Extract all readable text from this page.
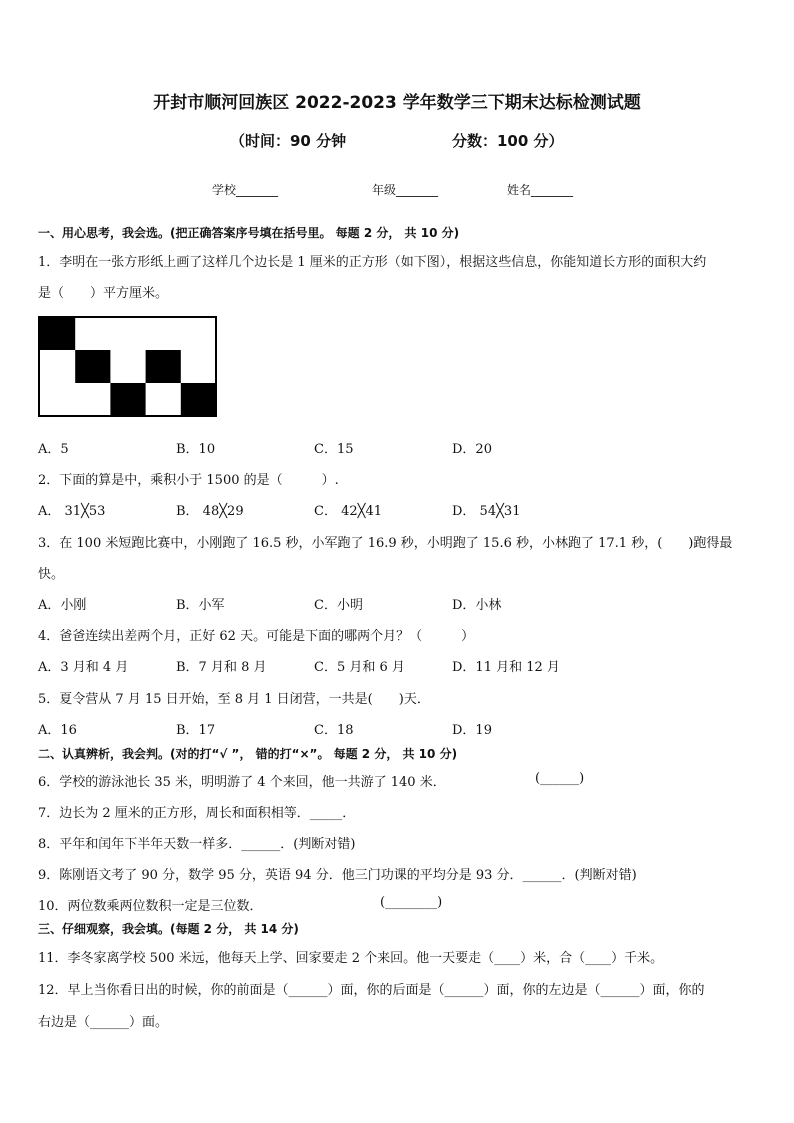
开封市顺河回族区 2022-2023 学年数学三下期末达标检测试题
（时间：90 分钟	分数：100 分）
学校_______	年级_______	姓名_______
一、用心思考，我会选。(把正确答案序号填在括号里。 每题 2 分， 共 10 分)
1．李明在一张方形纸上画了这样几个边长是 1 厘米的正方形（如下图），根据这些信息，你能知道长方形的面积大约
是（　　）平方厘米。
A．5	B．10	C．15	D．20
2．下面的算是中，乘积小于 1500 的是（　　　）.
A． 31╳53	B． 48╳29	C． 42╳41	D． 54╳31
3．在 100 米短跑比赛中，小刚跑了 16.5 秒，小军跑了 16.9 秒，小明跑了 15.6 秒，小林跑了 17.1 秒，(　　)跑得最
快。
A．小刚	B．小军	C．小明	D．小林
4．爸爸连续出差两个月，正好 62 天。可能是下面的哪两个月？（　　　）
A．3 月和 4 月	B．7 月和 8 月	C．5 月和 6 月	D．11 月和 12 月
5．夏令营从 7 月 15 日开始，至 8 月 1 日闭营，一共是(　　)天．
A．16	B．17	C．18	D．19
二、认真辨析，我会判。(对的打“√ ”， 错的打“×”。 每题 2 分， 共 10 分)
6．学校的游泳池长 35 米，明明游了 4 个来回，他一共游了 140 米．	(______)
7．边长为 2 厘米的正方形，周长和面积相等．_____．
8．平年和闰年下半年天数一样多．______．(判断对错)
9．陈刚语文考了 90 分，数学 95 分，英语 94 分．他三门功课的平均分是 93 分．______．(判断对错)
10．两位数乘两位数积一定是三位数．	(________)
三、仔细观察，我会填。(每题 2 分， 共 14 分)
11．李冬家离学校 500 米远，他每天上学、回家要走 2 个来回。他一天要走（____）米，合（____）千米。
12．早上当你看日出的时候，你的前面是（______）面，你的后面是（______）面，你的左边是（______）面，你的
右边是（______）面。
